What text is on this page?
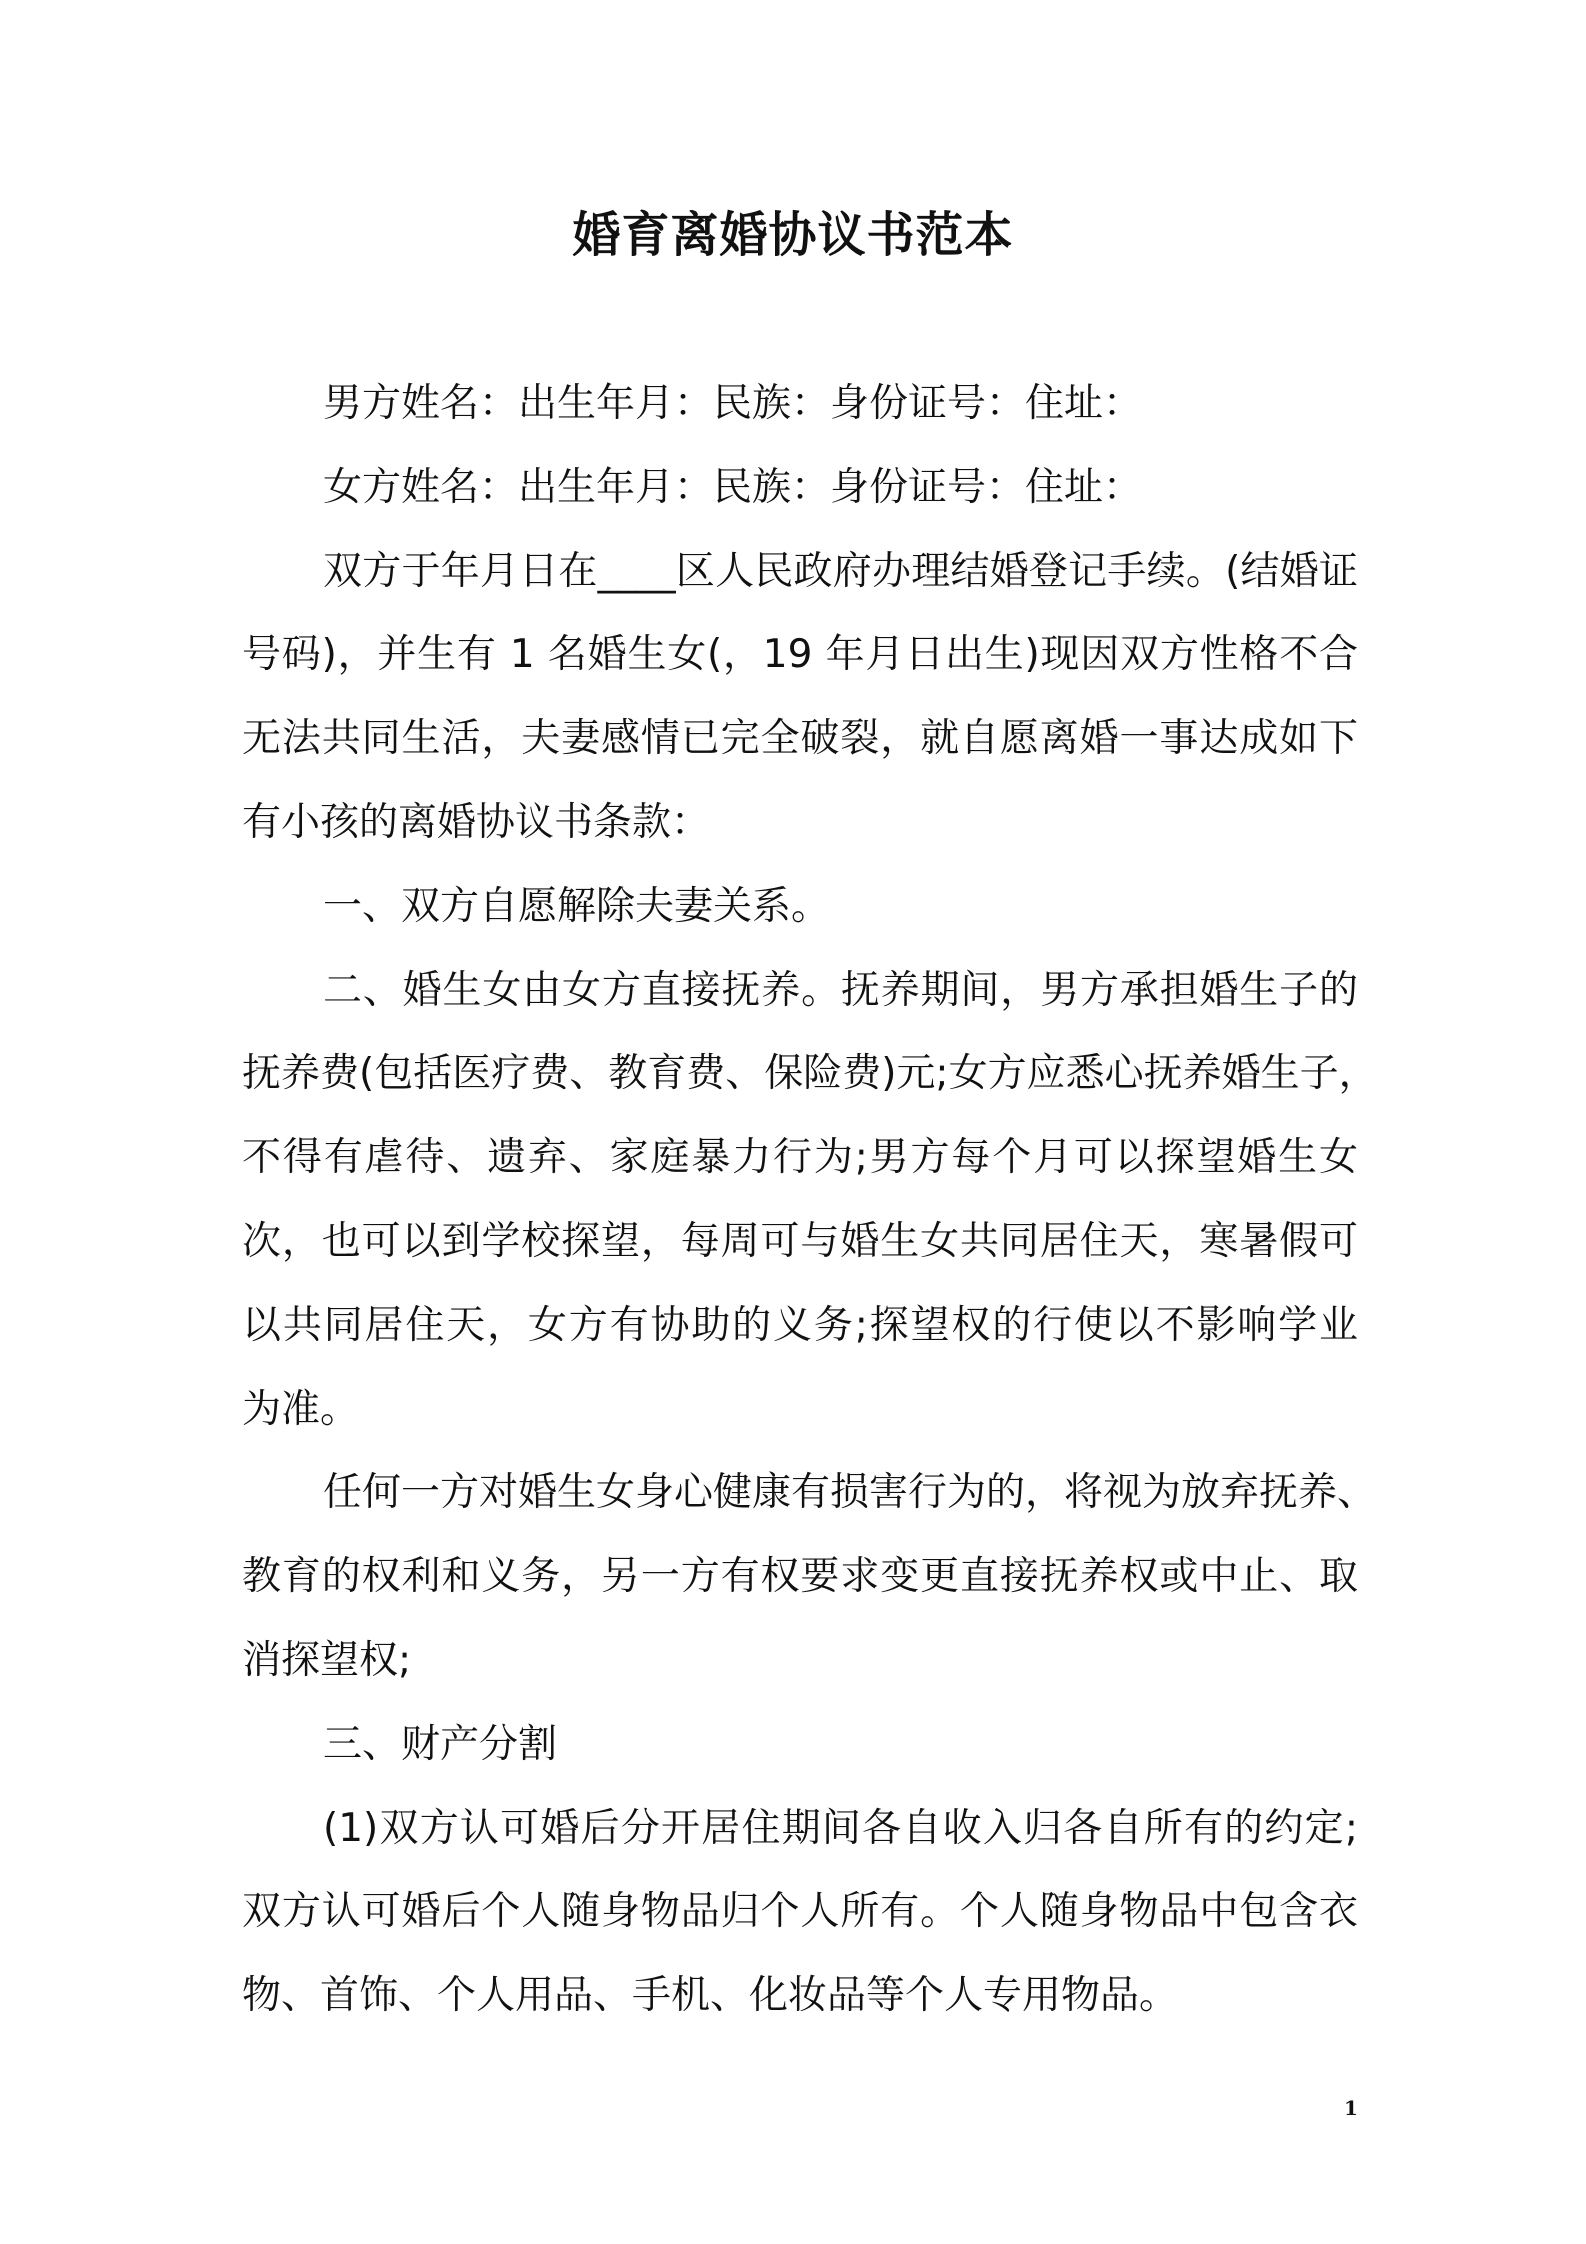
婚育离婚协议书范本

男方姓名：出生年月：民族：身份证号：住址：

女方姓名：出生年月：民族：身份证号：住址：

双方于年月日在____区人民政府办理结婚登记手续。(结婚证
号码)，并生有 1 名婚生女(，19 年月日出生)现因双方性格不合
无法共同生活，夫妻感情已完全破裂，就自愿离婚一事达成如下
有小孩的离婚协议书条款：

一、双方自愿解除夫妻关系。

二、婚生女由女方直接抚养。抚养期间，男方承担婚生子的
抚养费(包括医疗费、教育费、保险费)元;女方应悉心抚养婚生子，
不得有虐待、遗弃、家庭暴力行为;男方每个月可以探望婚生女
次，也可以到学校探望，每周可与婚生女共同居住天，寒暑假可
以共同居住天，女方有协助的义务;探望权的行使以不影响学业
为准。

任何一方对婚生女身心健康有损害行为的，将视为放弃抚养、
教育的权利和义务，另一方有权要求变更直接抚养权或中止、取
消探望权;

三、财产分割

(1)双方认可婚后分开居住期间各自收入归各自所有的约定;
双方认可婚后个人随身物品归个人所有。个人随身物品中包含衣
物、首饰、个人用品、手机、化妆品等个人专用物品。

1
